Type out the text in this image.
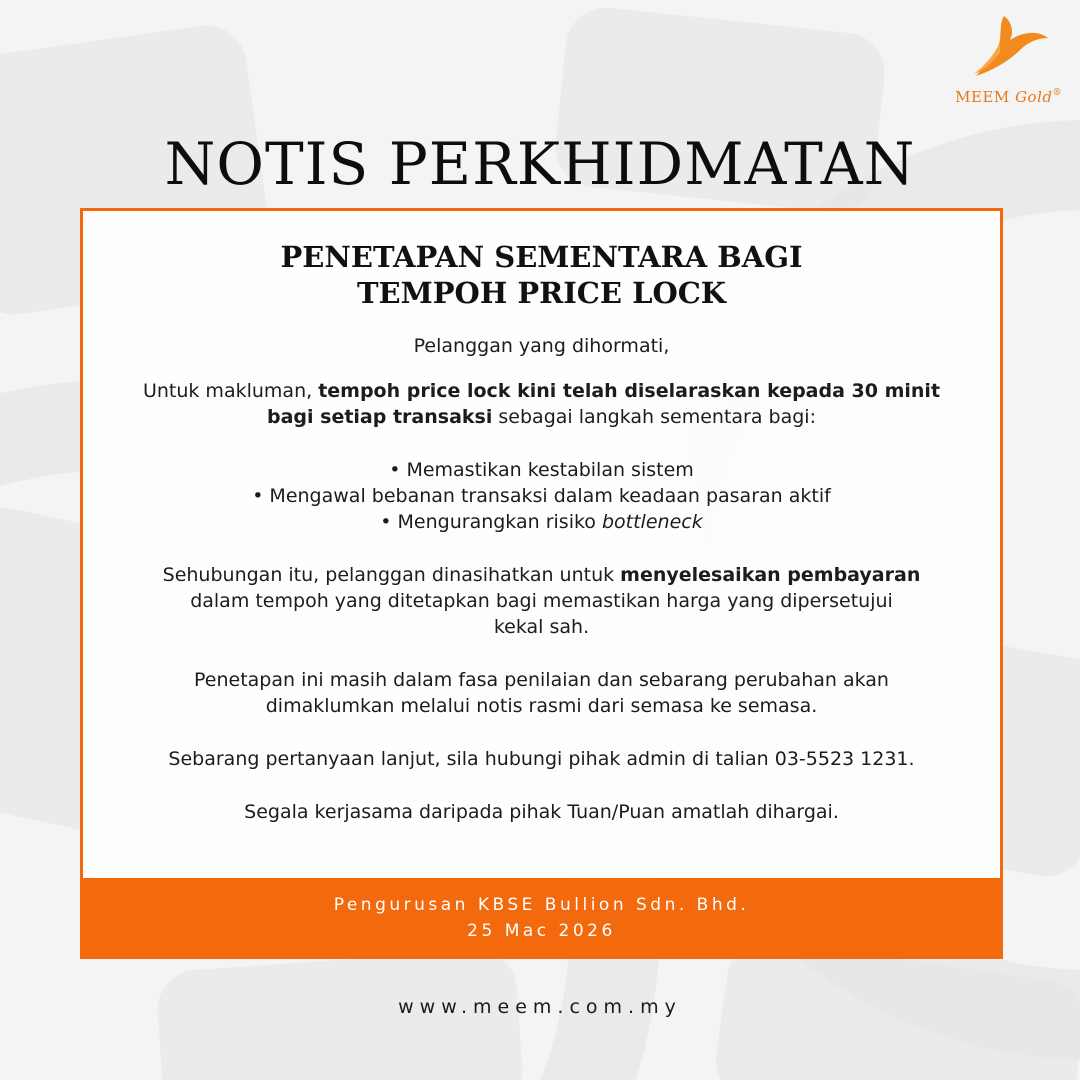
MEEM Gold®
NOTIS PERKHIDMATAN
PENETAPAN SEMENTARA BAGI
TEMPOH PRICE LOCK

Pelanggan yang dihormati,

Untuk makluman, tempoh price lock kini telah diselaraskan kepada 30 minit
bagi setiap transaksi sebagai langkah sementara bagi:

• Memastikan kestabilan sistem
• Mengawal bebanan transaksi dalam keadaan pasaran aktif
• Mengurangkan risiko bottleneck

Sehubungan itu, pelanggan dinasihatkan untuk menyelesaikan pembayaran
dalam tempoh yang ditetapkan bagi memastikan harga yang dipersetujui
kekal sah.

Penetapan ini masih dalam fasa penilaian dan sebarang perubahan akan
dimaklumkan melalui notis rasmi dari semasa ke semasa.

Sebarang pertanyaan lanjut, sila hubungi pihak admin di talian 03-5523 1231.

Segala kerjasama daripada pihak Tuan/Puan amatlah dihargai.

Pengurusan KBSE Bullion Sdn. Bhd.
25 Mac 2026
www.meem.com.my
